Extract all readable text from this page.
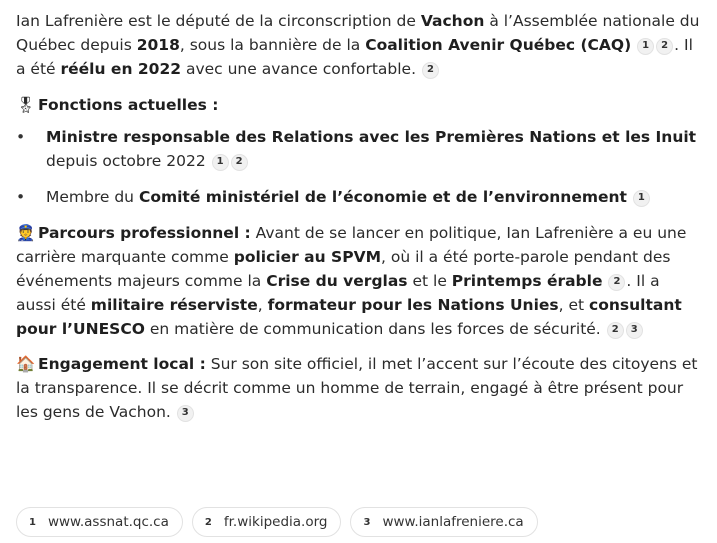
Ian Lafrenière est le député de la circonscription de Vachon à l’Assemblée nationale du Québec depuis 2018, sous la bannière de la Coalition Avenir Québec (CAQ) 1 2 . Il a été réélu en 2022 avec une avance confortable. 2

🎖 Fonctions actuelles :

• Ministre responsable des Relations avec les Premières Nations et les Inuit depuis octobre 2022 1 2
• Membre du Comité ministériel de l’économie et de l’environnement 1

👮 Parcours professionnel : Avant de se lancer en politique, Ian Lafrenière a eu une carrière marquante comme policier au SPVM, où il a été porte-parole pendant des événements majeurs comme la Crise du verglas et le Printemps érable 2 . Il a aussi été militaire réserviste, formateur pour les Nations Unies, et consultant pour l’UNESCO en matière de communication dans les forces de sécurité. 2 3

🏠 Engagement local : Sur son site officiel, il met l’accent sur l’écoute des citoyens et la transparence. Il se décrit comme un homme de terrain, engagé à être présent pour les gens de Vachon. 3

1 www.assnat.qc.ca	2 fr.wikipedia.org	3 www.ianlafreniere.ca
